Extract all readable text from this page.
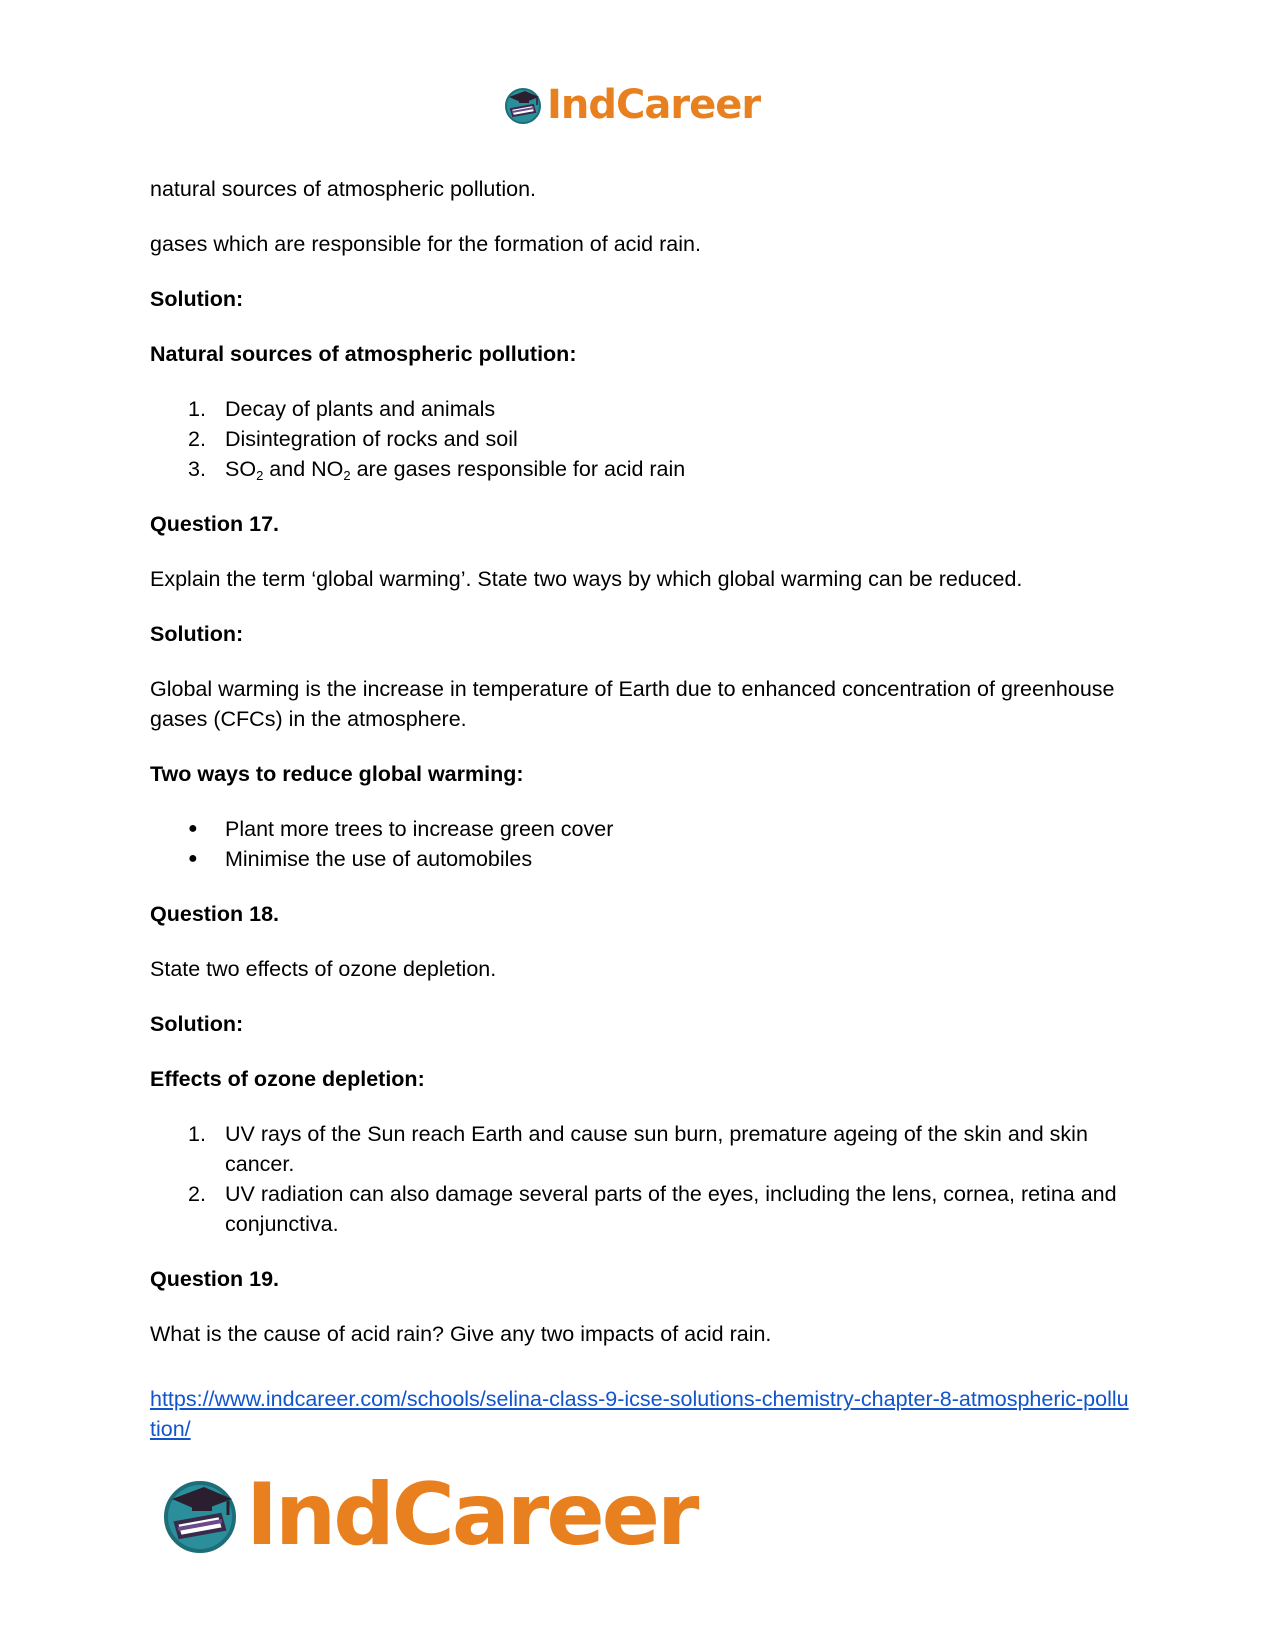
IndCareer

natural sources of atmospheric pollution.

gases which are responsible for the formation of acid rain.

Solution:

Natural sources of atmospheric pollution:

1. Decay of plants and animals
2. Disintegration of rocks and soil
3. $SO_2$ and $NO_2$ are gases responsible for acid rain

Question 17.

Explain the term ‘global warming’. State two ways by which global warming can be reduced.

Solution:

Global warming is the increase in temperature of Earth due to enhanced concentration of greenhouse gases (CFCs) in the atmosphere.

Two ways to reduce global warming:

● Plant more trees to increase green cover
● Minimise the use of automobiles

Question 18.

State two effects of ozone depletion.

Solution:

Effects of ozone depletion:

1. UV rays of the Sun reach Earth and cause sun burn, premature ageing of the skin and skin cancer.
2. UV radiation can also damage several parts of the eyes, including the lens, cornea, retina and conjunctiva.

Question 19.

What is the cause of acid rain? Give any two impacts of acid rain.

https://www.indcareer.com/schools/selina-class-9-icse-solutions-chemistry-chapter-8-atmospheric-pollution/

IndCareer
